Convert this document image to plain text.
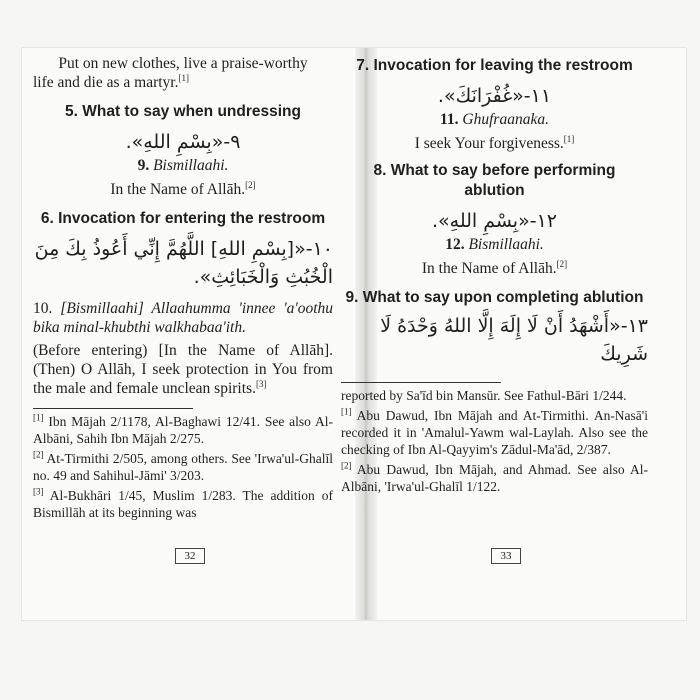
Put on new clothes, live a praise-worthy

life and die as a martyr.[1]

5. What to say when undressing

٩-«بِسْمِ اللهِ».

9. Bismillaahi.

In the Name of Allāh.[2]

6. Invocation for entering the restroom

١٠-«[بِسْمِ اللهِ] اللَّهُمَّ إِنِّي أَعُوذُ بِكَ مِنَ

الْخُبُثِ وَالْخَبَائِثِ».

10. [Bismillaahi] Allaahumma 'innee 'a'oothu bika minal-khubthi walkhabaa'ith.

(Before entering) [In the Name of Allāh]. (Then) O Allāh, I seek protection in You from the male and female unclean spirits.[3]

[1] Ibn Mājah 2/1178, Al-Baghawi 12/41. See also Al-Albāni, Sahih Ibn Mājah 2/275.

[2] At-Tirmithi 2/505, among others. See 'Irwa'ul-Ghalīl no. 49 and Sahihul-Jāmi' 3/203.

[3] Al-Bukhāri 1/45, Muslim 1/283. The addition of Bismillāh at its beginning was

32
7. Invocation for leaving the restroom

١١-«غُفْرَانَكَ».

11. Ghufraanaka.

I seek Your forgiveness.[1]

8. What to say before performing
ablution

١٢-«بِسْمِ اللهِ».

12. Bismillaahi.

In the Name of Allāh.[2]

9. What to say upon completing ablution

١٣-«أَشْهَدُ أَنْ لَا إِلَهَ إِلَّا اللهُ وَحْدَهُ لَا شَرِيكَ

reported by Sa'īd bin Mansūr. See Fathul-Bāri 1/244.

[1] Abu Dawud, Ibn Mājah and At-Tirmithi. An-Nasā'i recorded it in 'Amalul-Yawm wal-Laylah. Also see the checking of Ibn Al-Qayyim's Zādul-Ma'ād, 2/387.

[2] Abu Dawud, Ibn Mājah, and Ahmad. See also Al-Albāni, 'Irwa'ul-Ghalīl 1/122.

33
